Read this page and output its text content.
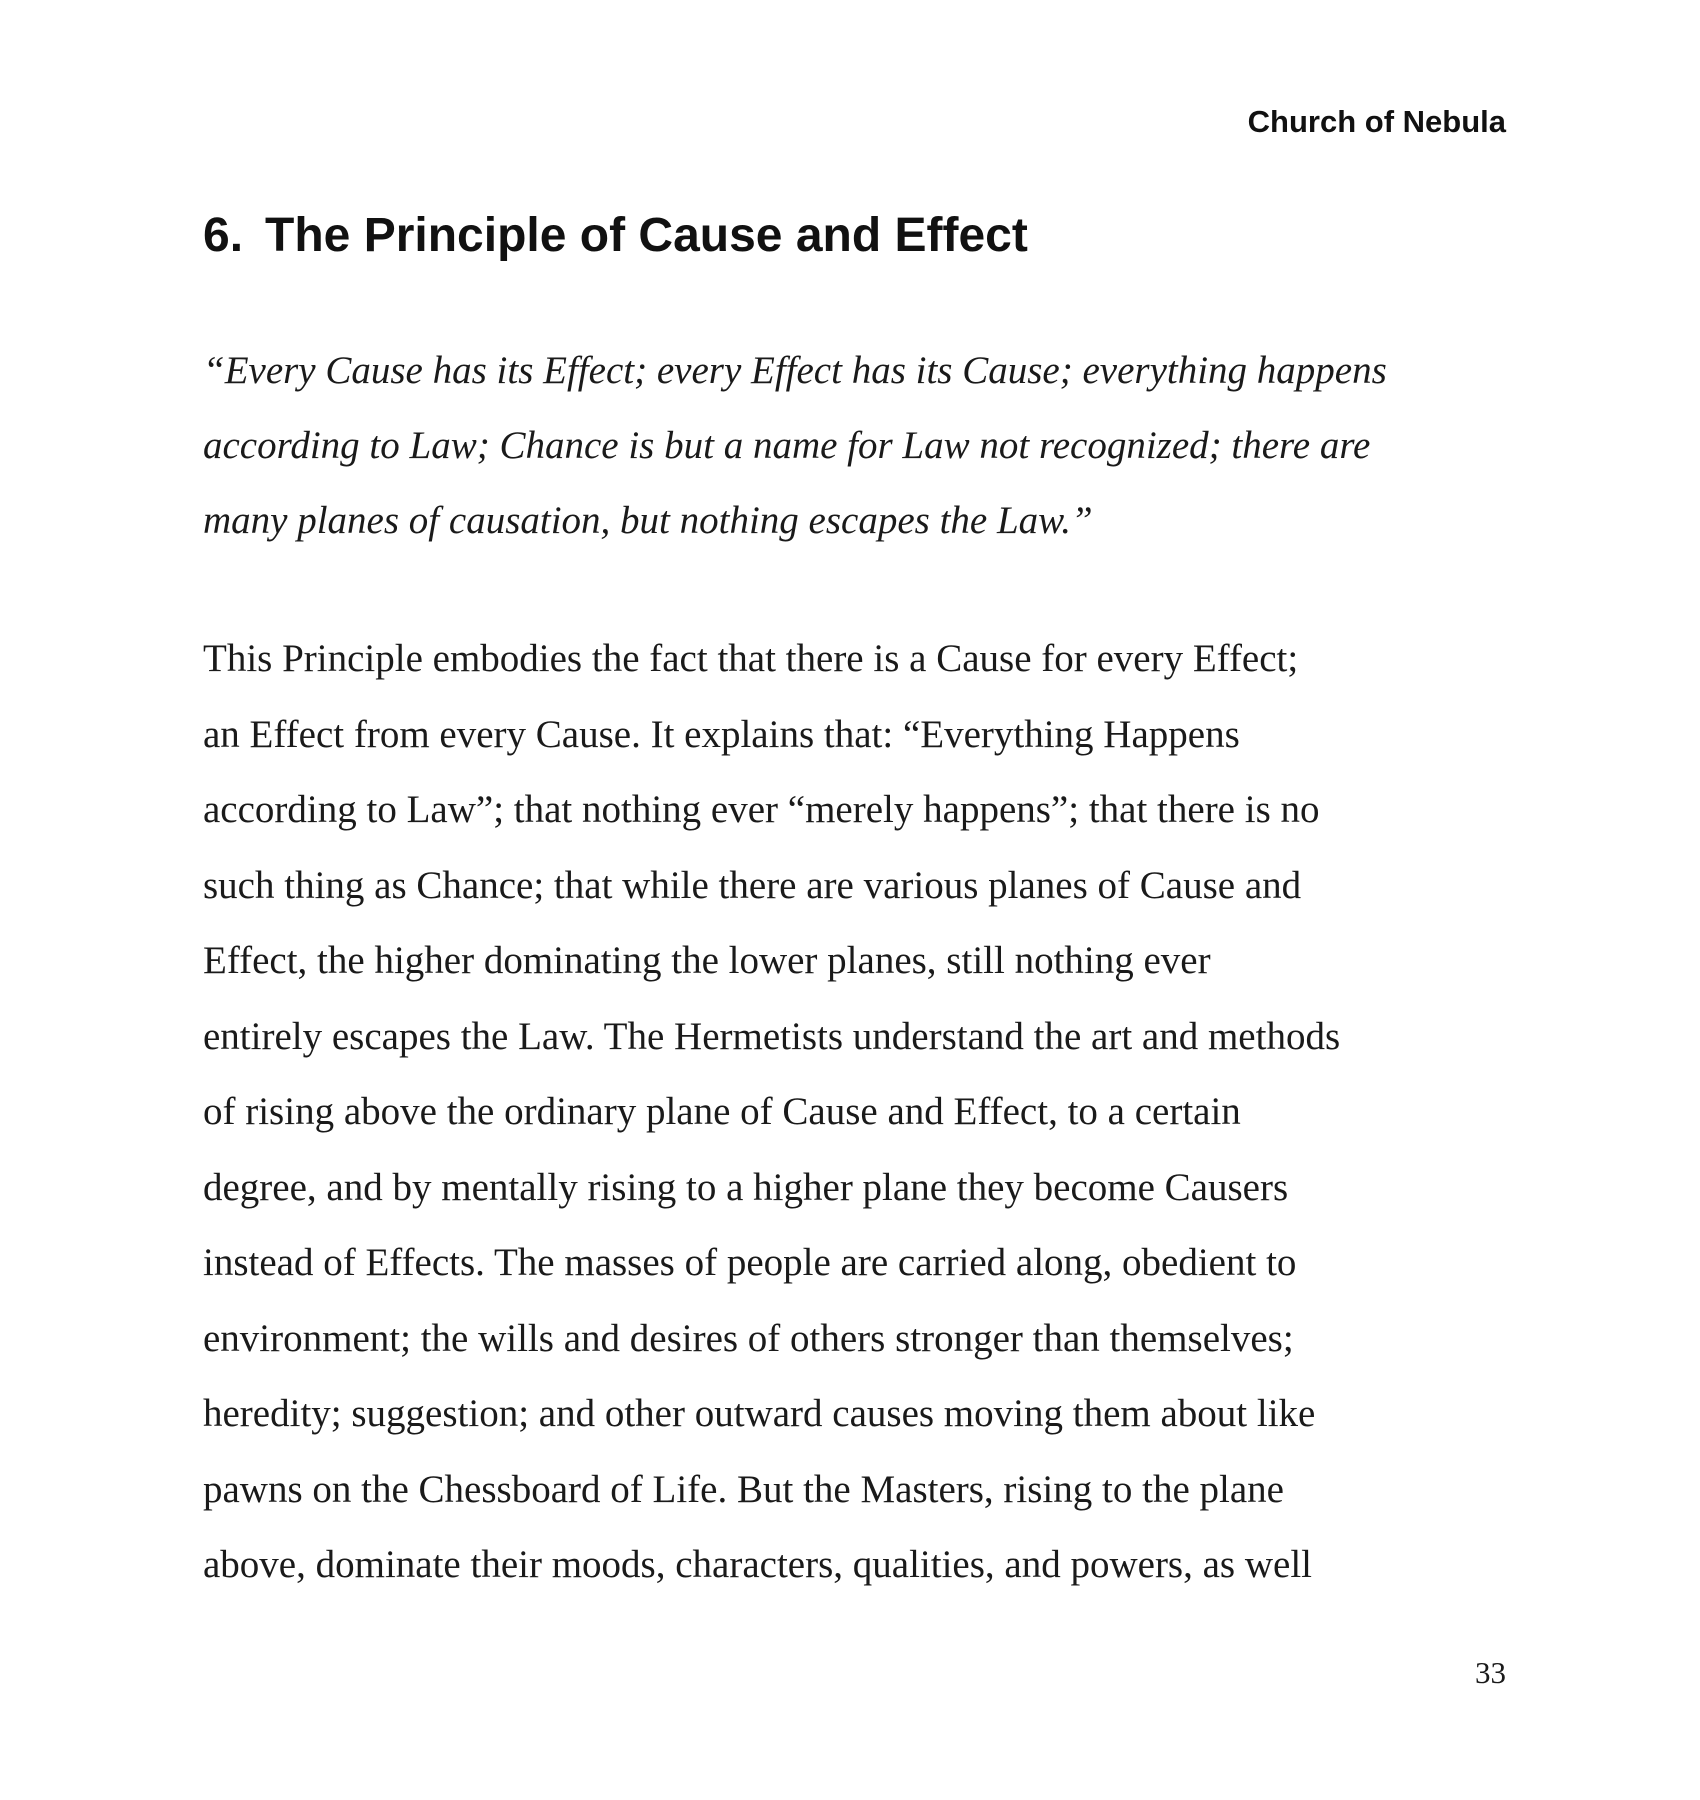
Church of Nebula
6. The Principle of Cause and Effect

“Every Cause has its Effect; every Effect has its Cause; everything happens
according to Law; Chance is but a name for Law not recognized; there are
many planes of causation, but nothing escapes the Law.”

This Principle embodies the fact that there is a Cause for every Effect;
an Effect from every Cause. It explains that: “Everything Happens
according to Law”; that nothing ever “merely happens”; that there is no
such thing as Chance; that while there are various planes of Cause and
Effect, the higher dominating the lower planes, still nothing ever
entirely escapes the Law. The Hermetists understand the art and methods
of rising above the ordinary plane of Cause and Effect, to a certain
degree, and by mentally rising to a higher plane they become Causers
instead of Effects. The masses of people are carried along, obedient to
environment; the wills and desires of others stronger than themselves;
heredity; suggestion; and other outward causes moving them about like
pawns on the Chessboard of Life. But the Masters, rising to the plane
above, dominate their moods, characters, qualities, and powers, as well

33
